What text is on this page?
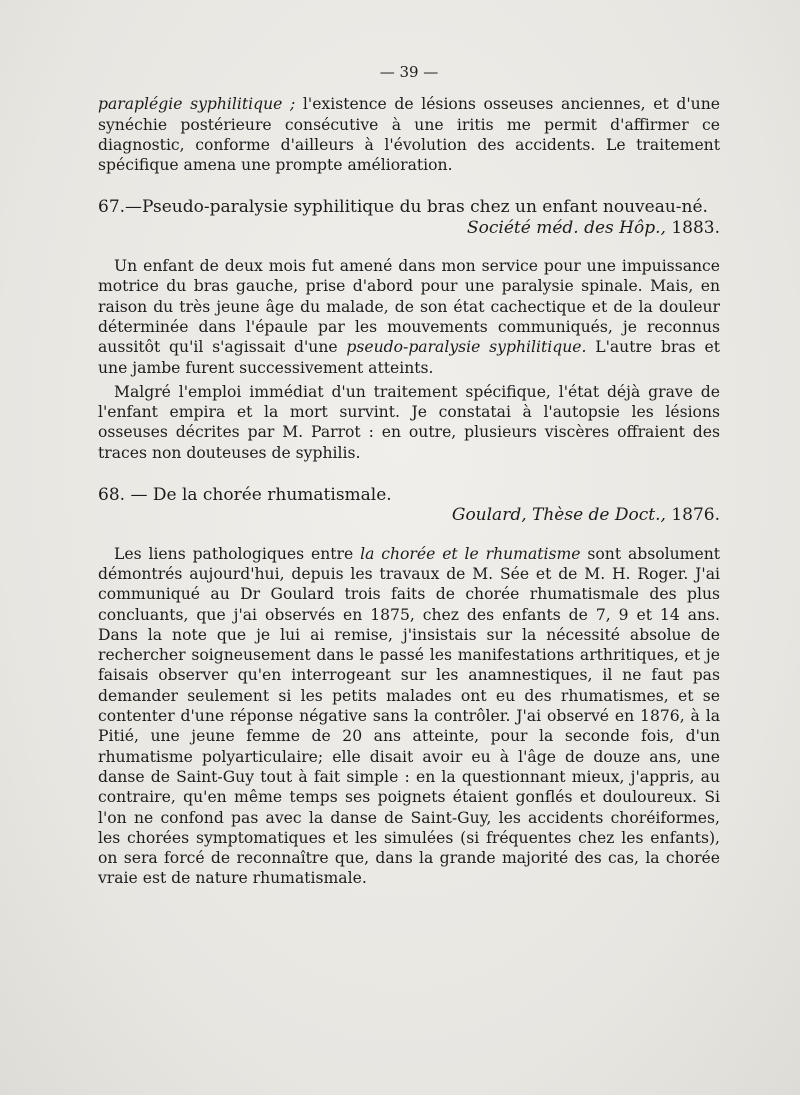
— 39 —

paraplégie syphilitique ; l'existence de lésions osseuses anciennes, et d'une synéchie postérieure consécutive à une iritis me permit d'affirmer ce diagnostic, conforme d'ailleurs à l'évolution des accidents. Le traitement spécifique amena une prompte amélioration.

67.—Pseudo-paralysie syphilitique du bras chez un enfant nouveau-né.

Société méd. des Hôp., 1883.

Un enfant de deux mois fut amené dans mon service pour une impuissance motrice du bras gauche, prise d'abord pour une paralysie spinale. Mais, en raison du très jeune âge du malade, de son état cachectique et de la douleur déterminée dans l'épaule par les mouvements communiqués, je reconnus aussitôt qu'il s'agissait d'une pseudo-paralysie syphilitique. L'autre bras et une jambe furent successivement atteints.

Malgré l'emploi immédiat d'un traitement spécifique, l'état déjà grave de l'enfant empira et la mort survint. Je constatai à l'autopsie les lésions osseuses décrites par M. Parrot : en outre, plusieurs viscères offraient des traces non douteuses de syphilis.

68. — De la chorée rhumatismale.

Goulard, Thèse de Doct., 1876.

Les liens pathologiques entre la chorée et le rhumatisme sont absolument démontrés aujourd'hui, depuis les travaux de M. Sée et de M. H. Roger. J'ai communiqué au Dr Goulard trois faits de chorée rhumatismale des plus concluants, que j'ai observés en 1875, chez des enfants de 7, 9 et 14 ans. Dans la note que je lui ai remise, j'insistais sur la nécessité absolue de rechercher soigneusement dans le passé les manifestations arthritiques, et je faisais observer qu'en interrogeant sur les anamnestiques, il ne faut pas demander seulement si les petits malades ont eu des rhumatismes, et se contenter d'une réponse négative sans la contrôler. J'ai observé en 1876, à la Pitié, une jeune femme de 20 ans atteinte, pour la seconde fois, d'un rhumatisme polyarticulaire; elle disait avoir eu à l'âge de douze ans, une danse de Saint-Guy tout à fait simple : en la questionnant mieux, j'appris, au contraire, qu'en même temps ses poignets étaient gonflés et douloureux. Si l'on ne confond pas avec la danse de Saint-Guy, les accidents choréiformes, les chorées symptomatiques et les simulées (si fréquentes chez les enfants), on sera forcé de reconnaître que, dans la grande majorité des cas, la chorée vraie est de nature rhumatismale.
